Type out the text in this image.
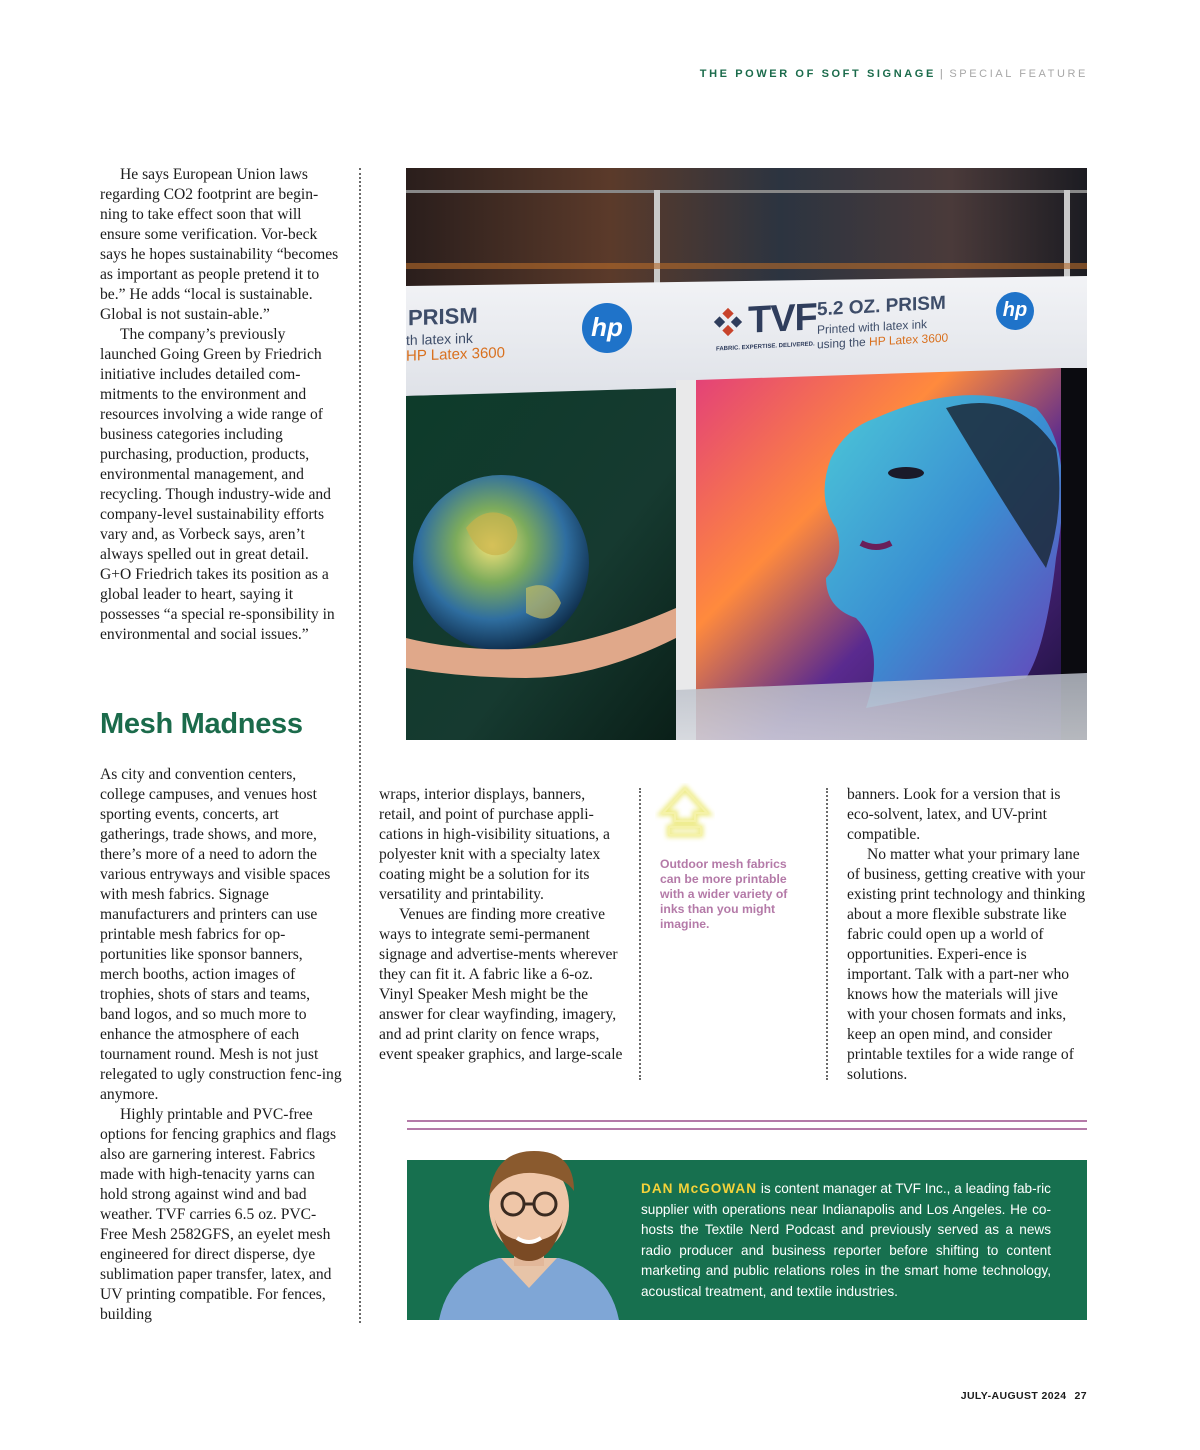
THE POWER OF SOFT SIGNAGE | SPECIAL FEATURE

He says European Union laws regarding CO2 footprint are begin-ning to take effect soon that will ensure some verification. Vor-beck says he hopes sustainability “becomes as important as people pretend it to be.” He adds “local is sustainable. Global is not sustain-able.”

The company’s previously launched Going Green by Friedrich initiative includes detailed com-mitments to the environment and resources involving a wide range of business categories including purchasing, production, products, environmental management, and recycling. Though industry-wide and company-level sustainability efforts vary and, as Vorbeck says, aren’t always spelled out in great detail. G+O Friedrich takes its position as a global leader to heart, saying it possesses “a special re-sponsibility in environmental and social issues.”

Mesh Madness

As city and convention centers, college campuses, and venues host sporting events, concerts, art gatherings, trade shows, and more, there’s more of a need to adorn the various entryways and visible spaces with mesh fabrics. Signage manufacturers and printers can use printable mesh fabrics for op-portunities like sponsor banners, merch booths, action images of trophies, shots of stars and teams, band logos, and so much more to enhance the atmosphere of each tournament round. Mesh is not just relegated to ugly construction fenc-ing anymore.

Highly printable and PVC-free options for fencing graphics and flags also are garnering interest. Fabrics made with high-tenacity yarns can hold strong against wind and bad weather. TVF carries 6.5 oz. PVC-Free Mesh 2582GFS, an eyelet mesh engineered for direct disperse, dye sublimation paper transfer, latex, and UV printing compatible. For fences, building

PRISM
th latex ink
HP Latex 3600
hp	TVF
FABRIC. EXPERTISE. DELIVERED.
5.2 OZ. PRISM
Printed with latex ink
using the HP Latex 3600
hp

wraps, interior displays, banners, retail, and point of purchase appli-cations in high-visibility situations, a polyester knit with a specialty latex coating might be a solution for its versatility and printability.

Venues are finding more creative ways to integrate semi-permanent signage and advertise-ments wherever they can fit it. A fabric like a 6-oz. Vinyl Speaker Mesh might be the answer for clear wayfinding, imagery, and ad print clarity on fence wraps, event speaker graphics, and large-scale

Outdoor mesh fabrics can be more printable with a wider variety of inks than you might imagine.

banners. Look for a version that is eco-solvent, latex, and UV-print compatible.

No matter what your primary lane of business, getting creative with your existing print technology and thinking about a more flexible substrate like fabric could open up a world of opportunities. Experi-ence is important. Talk with a part-ner who knows how the materials will jive with your chosen formats and inks, keep an open mind, and consider printable textiles for a wide range of solutions.

DAN McGOWAN is content manager at TVF Inc., a leading fab-ric supplier with operations near Indianapolis and Los Angeles. He co-hosts the Textile Nerd Podcast and previously served as a news radio producer and business reporter before shifting to content marketing and public relations roles in the smart home technology, acoustical treatment, and textile industries.
JULY-AUGUST 2024 27
